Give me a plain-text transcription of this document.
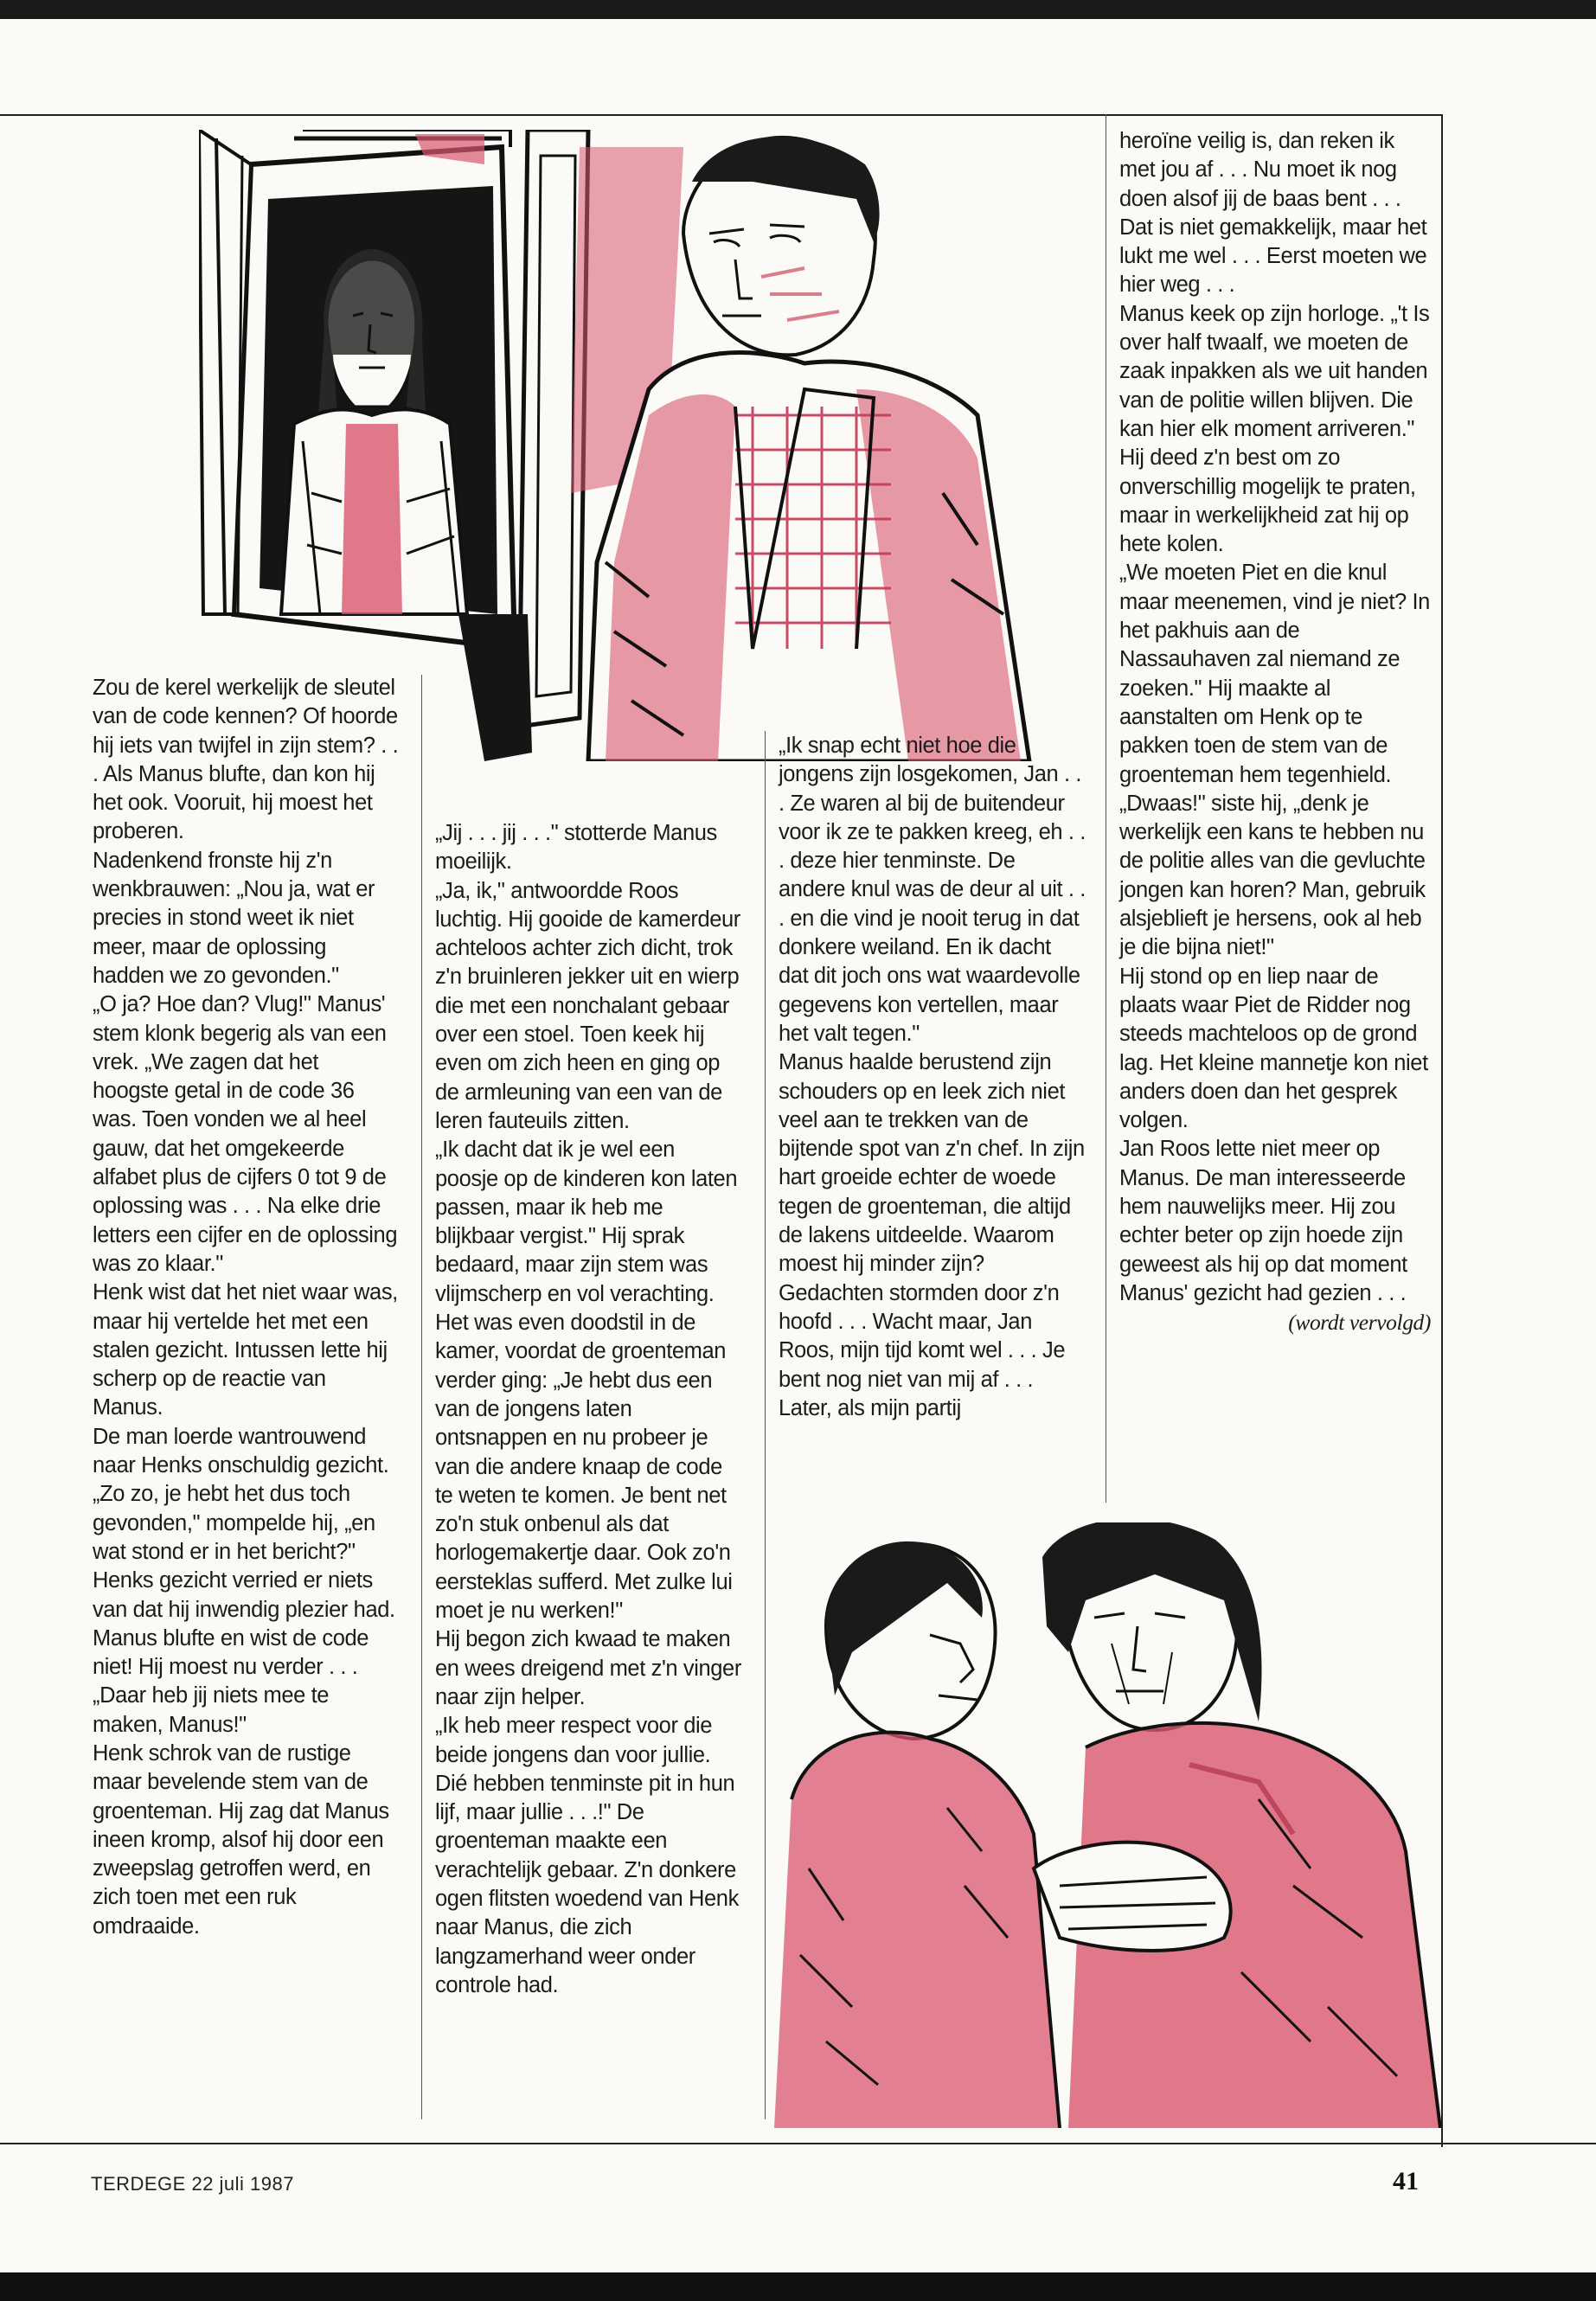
Zou de kerel werkelijk de sleutel van de code kennen? Of hoorde hij iets van twijfel in zijn stem? . . . Als Manus blufte, dan kon hij het ook. Vooruit, hij moest het proberen.

Nadenkend fronste hij z'n wenkbrauwen: „Nou ja, wat er precies in stond weet ik niet meer, maar de oplossing hadden we zo gevonden."

„O ja? Hoe dan? Vlug!" Manus' stem klonk begerig als van een vrek. „We zagen dat het hoogste getal in de code 36 was. Toen vonden we al heel gauw, dat het omgekeerde alfabet plus de cijfers 0 tot 9 de oplossing was . . . Na elke drie letters een cijfer en de oplossing was zo klaar."

Henk wist dat het niet waar was, maar hij vertelde het met een stalen gezicht. Intussen lette hij scherp op de reactie van Manus.

De man loerde wantrouwend naar Henks onschuldig gezicht.

„Zo zo, je hebt het dus toch gevonden," mompelde hij, „en wat stond er in het bericht?"

Henks gezicht verried er niets van dat hij inwendig plezier had.

Manus blufte en wist de code niet! Hij moest nu verder . . .

„Daar heb jij niets mee te maken, Manus!"

Henk schrok van de rustige maar bevelende stem van de groenteman. Hij zag dat Manus ineen kromp, alsof hij door een zweepslag getroffen werd, en zich toen met een ruk omdraaide.

„Jij . . . jij . . ." stotterde Manus moeilijk.

„Ja, ik," antwoordde Roos luchtig. Hij gooide de kamerdeur achteloos achter zich dicht, trok z'n bruinleren jekker uit en wierp die met een nonchalant gebaar over een stoel. Toen keek hij even om zich heen en ging op de armleuning van een van de leren fauteuils zitten.

„Ik dacht dat ik je wel een poosje op de kinderen kon laten passen, maar ik heb me blijkbaar vergist." Hij sprak bedaard, maar zijn stem was vlijmscherp en vol verachting.

Het was even doodstil in de kamer, voordat de groenteman verder ging: „Je hebt dus een van de jongens laten ontsnappen en nu probeer je van die andere knaap de code te weten te komen. Je bent net zo'n stuk onbenul als dat horlogemakertje daar. Ook zo'n eersteklas sufferd. Met zulke lui moet je nu werken!"

Hij begon zich kwaad te maken en wees dreigend met z'n vinger naar zijn helper.

„Ik heb meer respect voor die beide jongens dan voor jullie. Dié hebben tenminste pit in hun lijf, maar jullie . . .!" De groenteman maakte een verachtelijk gebaar. Z'n donkere ogen flitsten woedend van Henk naar Manus, die zich langzamerhand weer onder controle had.

„Ik snap echt niet hoe die jongens zijn losgekomen, Jan . . . Ze waren al bij de buitendeur voor ik ze te pakken kreeg, eh . . . deze hier tenminste. De andere knul was de deur al uit . . . en die vind je nooit terug in dat donkere weiland. En ik dacht dat dit joch ons wat waardevolle gegevens kon vertellen, maar het valt tegen."

Manus haalde berustend zijn schouders op en leek zich niet veel aan te trekken van de bijtende spot van z'n chef. In zijn hart groeide echter de woede tegen de groenteman, die altijd de lakens uitdeelde. Waarom moest hij minder zijn? Gedachten stormden door z'n hoofd . . . Wacht maar, Jan Roos, mijn tijd komt wel . . . Je bent nog niet van mij af . . . Later, als mijn partij

heroïne veilig is, dan reken ik met jou af . . . Nu moet ik nog doen alsof jij de baas bent . . . Dat is niet gemakkelijk, maar het lukt me wel . . . Eerst moeten we hier weg . . .

Manus keek op zijn horloge. „'t Is over half twaalf, we moeten de zaak inpakken als we uit handen van de politie willen blijven. Die kan hier elk moment arriveren." Hij deed z'n best om zo onverschillig mogelijk te praten, maar in werkelijkheid zat hij op hete kolen.

„We moeten Piet en die knul maar meenemen, vind je niet? In het pakhuis aan de Nassauhaven zal niemand ze zoeken." Hij maakte al aanstalten om Henk op te pakken toen de stem van de groenteman hem tegenhield.

„Dwaas!" siste hij, „denk je werkelijk een kans te hebben nu de politie alles van die gevluchte jongen kan horen? Man, gebruik alsjeblieft je hersens, ook al heb je die bijna niet!"

Hij stond op en liep naar de plaats waar Piet de Ridder nog steeds machteloos op de grond lag. Het kleine mannetje kon niet anders doen dan het gesprek volgen.

Jan Roos lette niet meer op Manus. De man interesseerde hem nauwelijks meer. Hij zou echter beter op zijn hoede zijn geweest als hij op dat moment Manus' gezicht had gezien . . .

(wordt vervolgd)

TERDEGE 22 juli 1987	41
